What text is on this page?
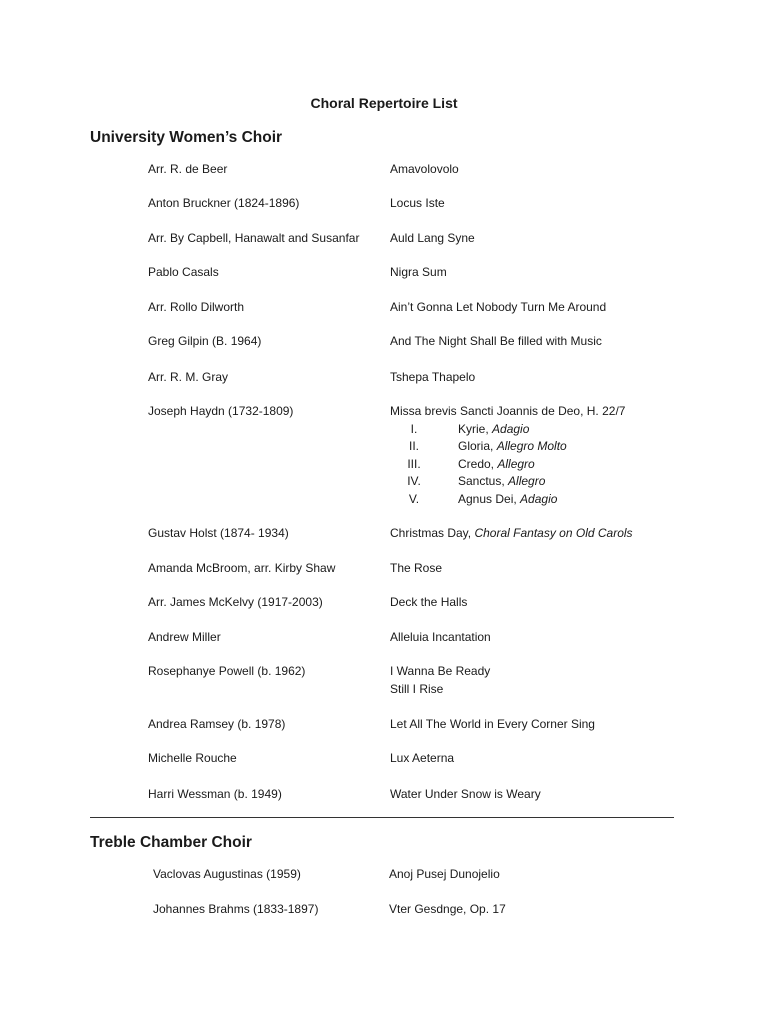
Choral Repertoire List
University Women’s Choir
Arr. R. de Beer	Amavolovolo
Anton Bruckner (1824-1896)	Locus Iste
Arr. By Capbell, Hanawalt and Susanfar	Auld Lang Syne
Pablo Casals	Nigra Sum
Arr. Rollo Dilworth	Ain’t Gonna Let Nobody Turn Me Around
Greg Gilpin (B. 1964)	And The Night Shall Be filled with Music
Arr. R. M. Gray	Tshepa Thapelo
Joseph Haydn (1732-1809)	Missa brevis Sancti Joannis de Deo, H. 22/7
I.	Kyrie, Adagio
II.	Gloria, Allegro Molto
III.	Credo, Allegro
IV.	Sanctus, Allegro
V.	Agnus Dei, Adagio
Gustav Holst (1874- 1934)	Christmas Day, Choral Fantasy on Old Carols
Amanda McBroom, arr. Kirby Shaw	The Rose
Arr. James McKelvy (1917-2003)	Deck the Halls
Andrew Miller	Alleluia Incantation
Rosephanye Powell (b. 1962)	I Wanna Be Ready
Still I Rise
Andrea Ramsey (b. 1978)	Let All The World in Every Corner Sing
Michelle Rouche	Lux Aeterna
Harri Wessman (b. 1949)	Water Under Snow is Weary
Treble Chamber Choir
Vaclovas Augustinas (1959)	Anoj Pusej Dunojelio
Johannes Brahms (1833-1897)	Vter Gesdnge, Op. 17
